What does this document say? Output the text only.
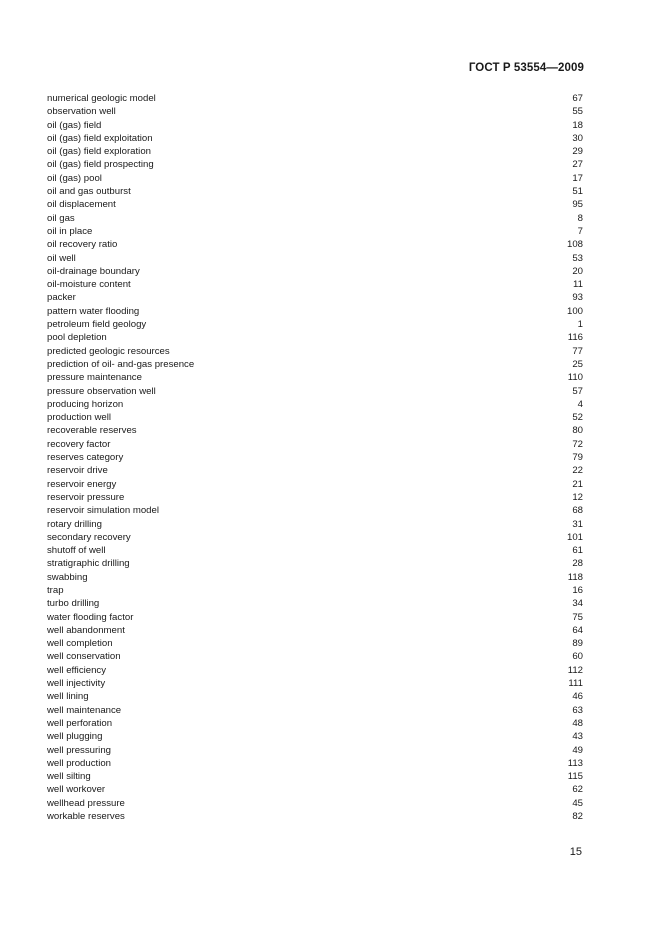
ГОСТ Р 53554—2009
numerical geologic model	67
observation well	55
oil (gas) field	18
oil (gas) field exploitation	30
oil (gas) field exploration	29
oil (gas) field prospecting	27
oil (gas) pool	17
oil and gas outburst	51
oil displacement	95
oil gas	8
oil in place	7
oil recovery ratio	108
oil well	53
oil-drainage boundary	20
oil-moisture content	11
packer	93
pattern water flooding	100
petroleum field geology	1
pool depletion	116
predicted geologic resources	77
prediction of oil- and-gas presence	25
pressure maintenance	110
pressure observation well	57
producing horizon	4
production well	52
recoverable reserves	80
recovery factor	72
reserves category	79
reservoir drive	22
reservoir energy	21
reservoir pressure	12
reservoir simulation model	68
rotary drilling	31
secondary recovery	101
shutoff of well	61
stratigraphic drilling	28
swabbing	118
trap	16
turbo drilling	34
water flooding factor	75
well abandonment	64
well completion	89
well conservation	60
well efficiency	112
well injectivity	111
well lining	46
well maintenance	63
well perforation	48
well plugging	43
well pressuring	49
well production	113
well silting	115
well workover	62
wellhead pressure	45
workable reserves	82
15
